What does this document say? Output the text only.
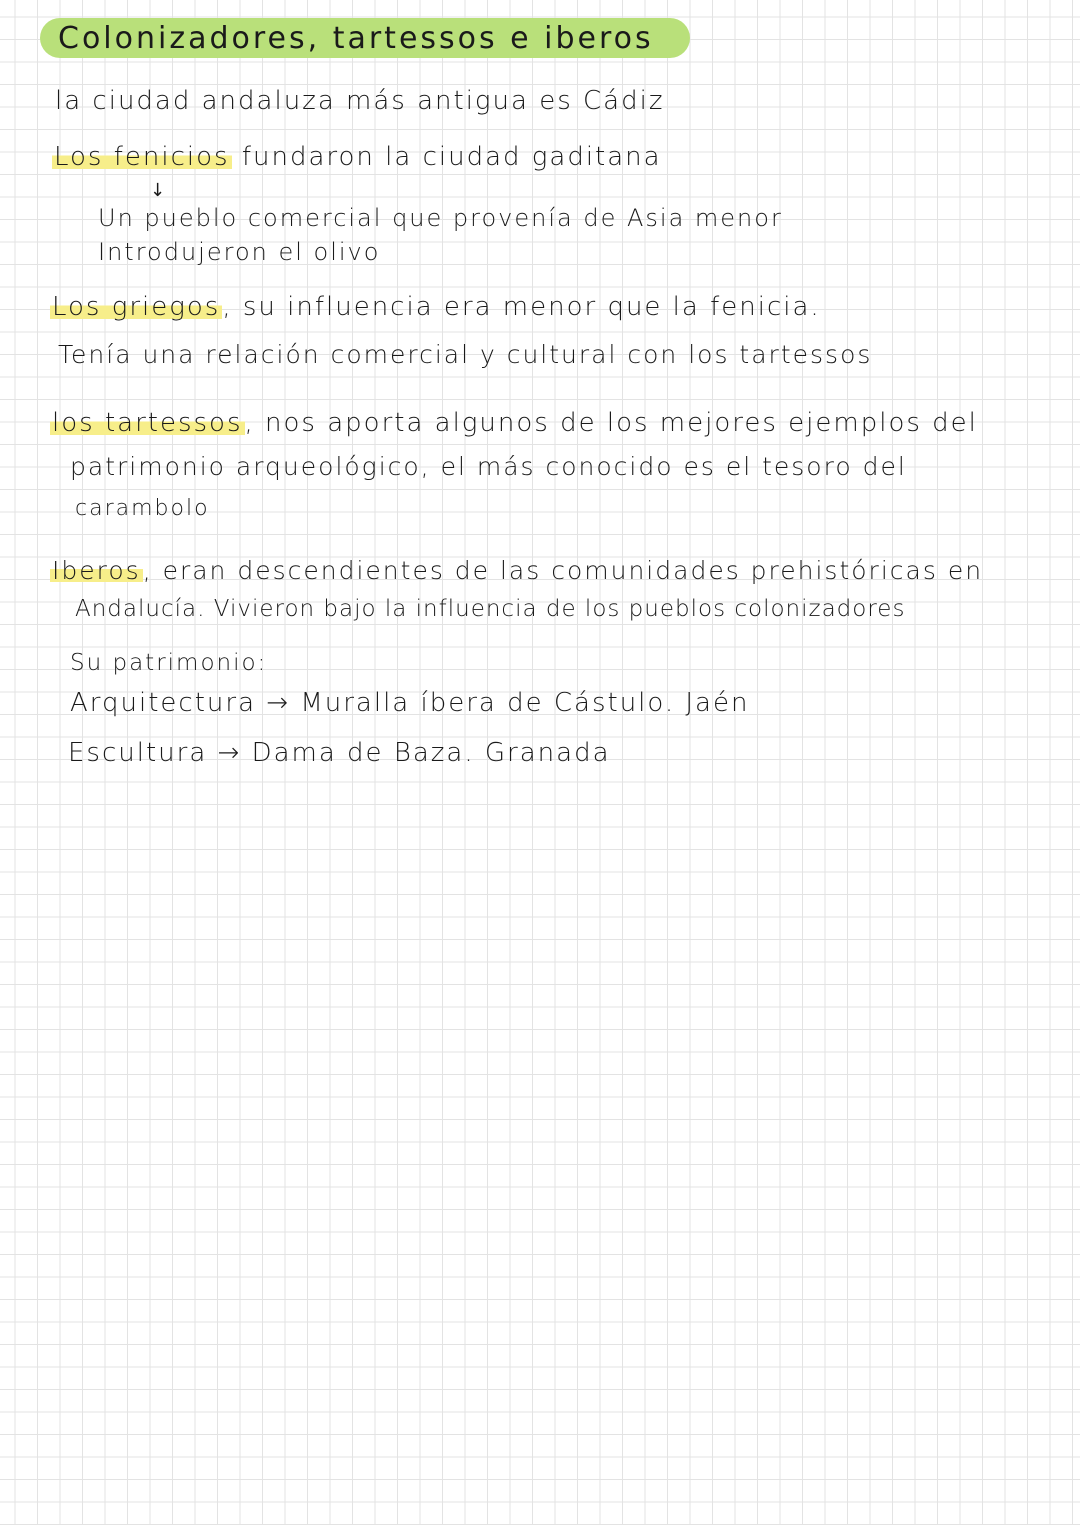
Colonizadores, tartessos e iberos
la ciudad andaluza más antigua es Cádiz
Los fenicios fundaron la ciudad gaditana
↓
Un pueblo comercial que provenía de Asia menor
Introdujeron el olivo
Los griegos, su influencia era menor que la fenicia.
Tenía una relación comercial y cultural con los tartessos
los tartessos, nos aporta algunos de los mejores ejemplos del
patrimonio arqueológico, el más conocido es el tesoro del
carambolo
Iberos, eran descendientes de las comunidades prehistóricas en
Andalucía. Vivieron bajo la influencia de los pueblos colonizadores
Su patrimonio:
Arquitectura → Muralla íbera de Cástulo. Jaén
Escultura → Dama de Baza. Granada
